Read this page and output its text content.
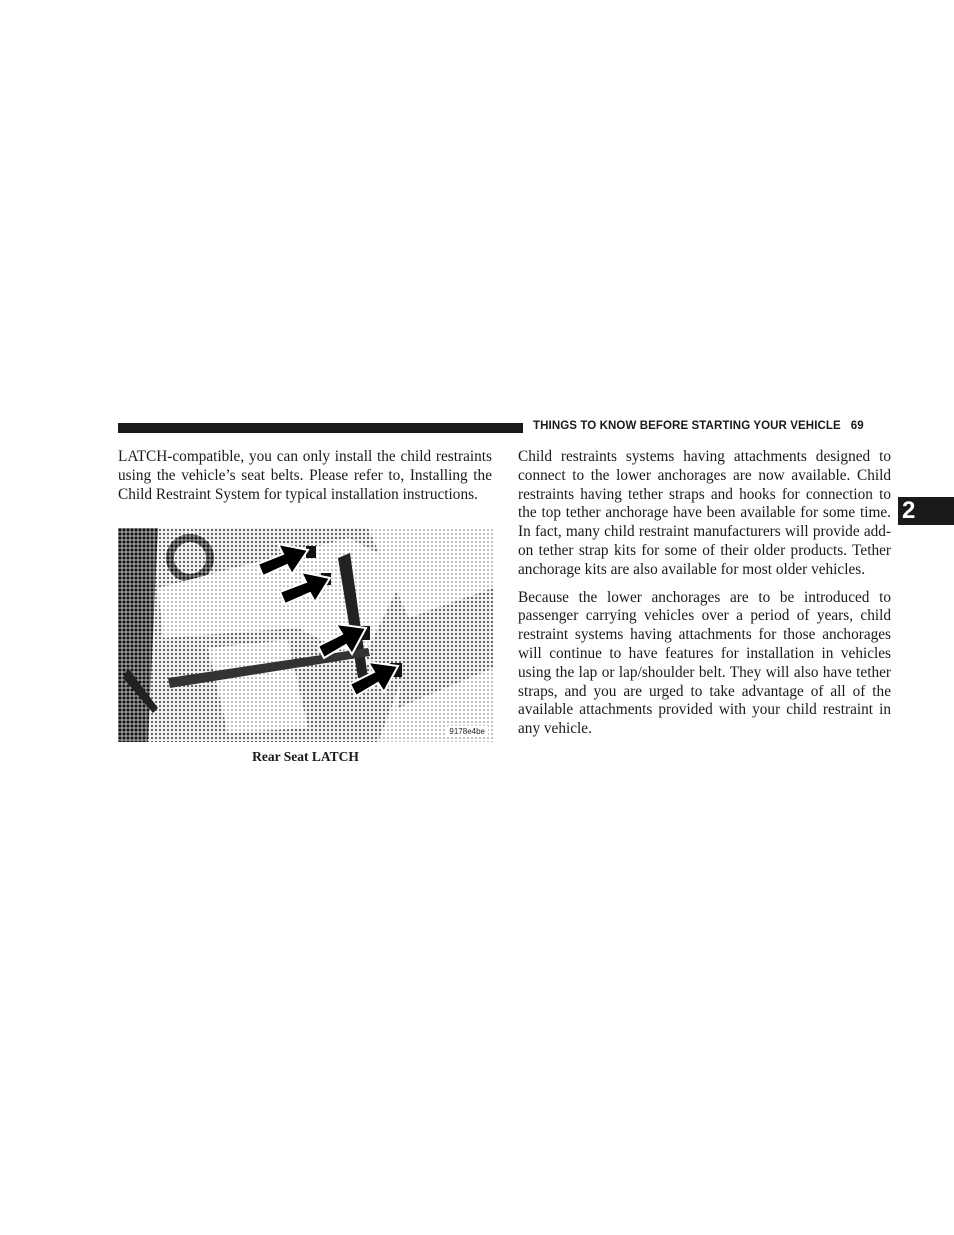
THINGS TO KNOW BEFORE STARTING YOUR VEHICLE 69
2

LATCH-compatible, you can only install the child restraints using the vehicle’s seat belts. Please refer to, Installing the Child Restraint System for typical installation instructions.

9178e4be
Rear Seat LATCH

Child restraints systems having attachments designed to connect to the lower anchorages are now available. Child restraints having tether straps and hooks for connection to the top tether anchorage have been available for some time. In fact, many child restraint manufacturers will provide add-on tether strap kits for some of their older products. Tether anchorage kits are also available for most older vehicles.

Because the lower anchorages are to be introduced to passenger carrying vehicles over a period of years, child restraint systems having attachments for those anchorages will continue to have features for installation in vehicles using the lap or lap/shoulder belt. They will also have tether straps, and you are urged to take advantage of all of the available attachments provided with your child restraint in any vehicle.
